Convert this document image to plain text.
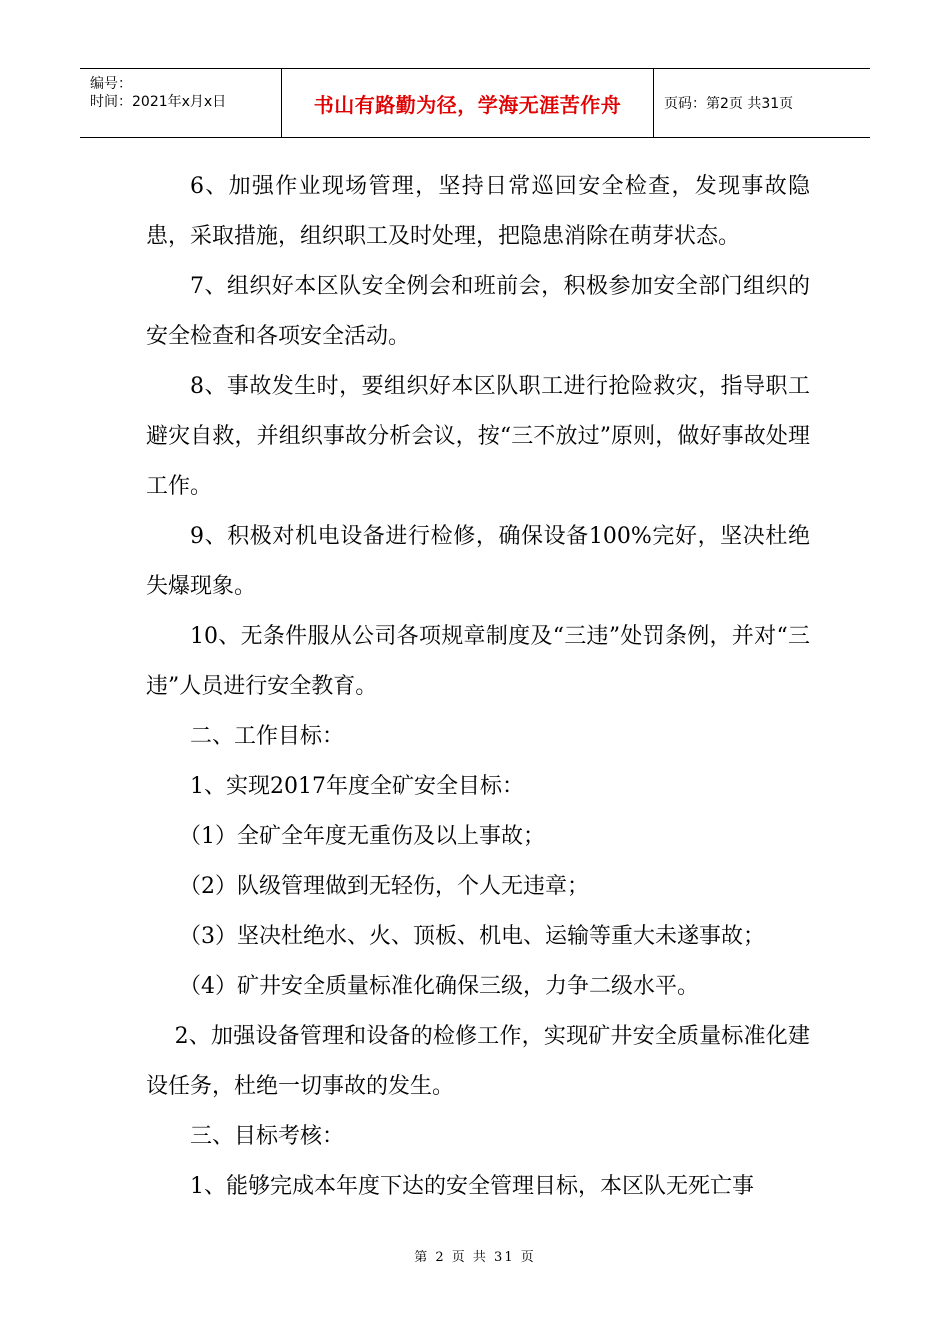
编号：
时间：2021年x月x日	书山有路勤为径，学海无涯苦作舟	页码：第2页 共31页

6、加强作业现场管理，坚持日常巡回安全检查，发现事故隐患，采取措施，组织职工及时处理，把隐患消除在萌芽状态。

7、组织好本区队安全例会和班前会，积极参加安全部门组织的安全检查和各项安全活动。

8、事故发生时，要组织好本区队职工进行抢险救灾，指导职工避灾自救，并组织事故分析会议，按“三不放过”原则，做好事故处理工作。

9、积极对机电设备进行检修，确保设备100%完好，坚决杜绝失爆现象。

10、无条件服从公司各项规章制度及“三违”处罚条例，并对“三违”人员进行安全教育。

二、工作目标：

1、实现2017年度全矿安全目标：

（1）全矿全年度无重伤及以上事故；

（2）队级管理做到无轻伤，个人无违章；

（3）坚决杜绝水、火、顶板、机电、运输等重大未遂事故；

（4）矿井安全质量标准化确保三级，力争二级水平。

2、加强设备管理和设备的检修工作，实现矿井安全质量标准化建设任务，杜绝一切事故的发生。

三、目标考核：

1、能够完成本年度下达的安全管理目标，本区队无死亡事

第 2 页 共 31 页
